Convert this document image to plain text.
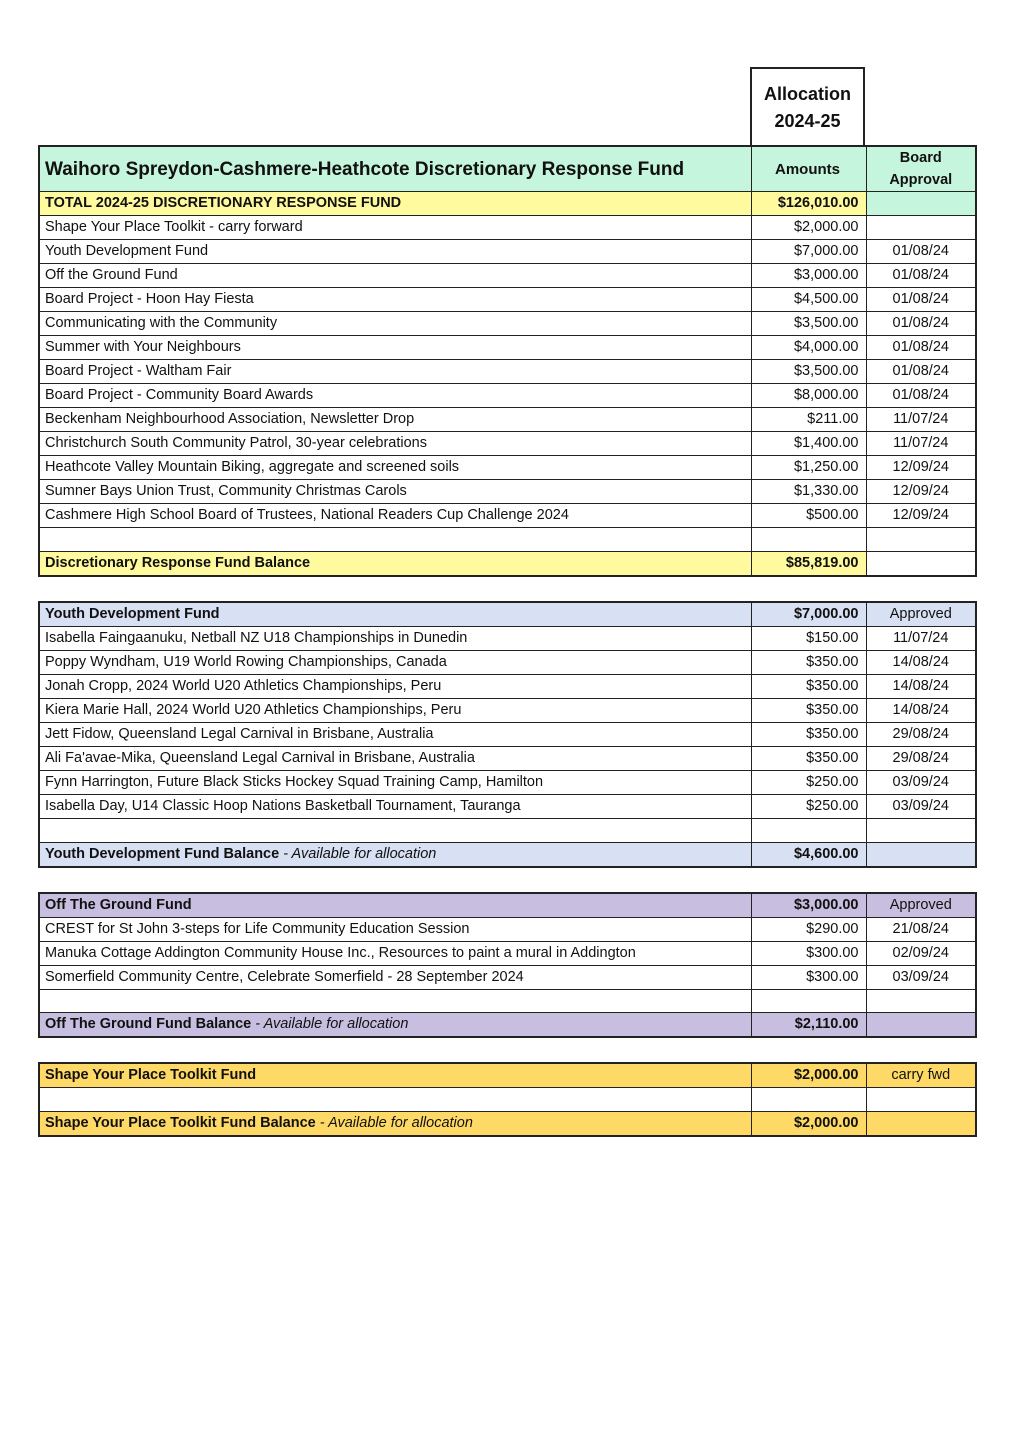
Allocation
2024-25
Waihoro Spreydon-Cashmere-Heathcote Discretionary Response Fund	Amounts	Board Approval
TOTAL 2024-25 DISCRETIONARY RESPONSE FUND	$126,010.00	
Shape Your Place Toolkit - carry forward	$2,000.00	
Youth Development Fund	$7,000.00	01/08/24
Off the Ground Fund	$3,000.00	01/08/24
Board Project - Hoon Hay Fiesta	$4,500.00	01/08/24
Communicating with the Community	$3,500.00	01/08/24
Summer with Your Neighbours	$4,000.00	01/08/24
Board Project - Waltham Fair	$3,500.00	01/08/24
Board Project - Community Board Awards	$8,000.00	01/08/24
Beckenham Neighbourhood Association, Newsletter Drop	$211.00	11/07/24
Christchurch South Community Patrol, 30-year celebrations	$1,400.00	11/07/24
Heathcote Valley Mountain Biking, aggregate and screened soils	$1,250.00	12/09/24
Sumner Bays Union Trust, Community Christmas Carols	$1,330.00	12/09/24
Cashmere High School Board of Trustees, National Readers Cup Challenge 2024	$500.00	12/09/24

Discretionary Response Fund Balance	$85,819.00	
Youth Development Fund	$7,000.00	Approved
Isabella Faingaanuku, Netball NZ U18 Championships in Dunedin	$150.00	11/07/24
Poppy Wyndham, U19 World Rowing Championships, Canada	$350.00	14/08/24
Jonah Cropp, 2024 World U20 Athletics Championships, Peru	$350.00	14/08/24
Kiera Marie Hall, 2024 World U20 Athletics Championships, Peru	$350.00	14/08/24
Jett Fidow, Queensland Legal Carnival in Brisbane, Australia	$350.00	29/08/24
Ali Fa'avae-Mika, Queensland Legal Carnival in Brisbane, Australia	$350.00	29/08/24
Fynn Harrington, Future Black Sticks Hockey Squad Training Camp, Hamilton	$250.00	03/09/24
Isabella Day, U14 Classic Hoop Nations Basketball Tournament, Tauranga	$250.00	03/09/24

Youth Development Fund Balance - Available for allocation	$4,600.00	
Off The Ground Fund	$3,000.00	Approved
CREST for St John 3-steps for Life Community Education Session	$290.00	21/08/24
Manuka Cottage Addington Community House Inc., Resources to paint a mural in Addington	$300.00	02/09/24
Somerfield Community Centre, Celebrate Somerfield - 28 September 2024	$300.00	03/09/24

Off The Ground Fund Balance - Available for allocation	$2,110.00	
Shape Your Place Toolkit Fund	$2,000.00	carry fwd

Shape Your Place Toolkit Fund Balance - Available for allocation	$2,000.00	
